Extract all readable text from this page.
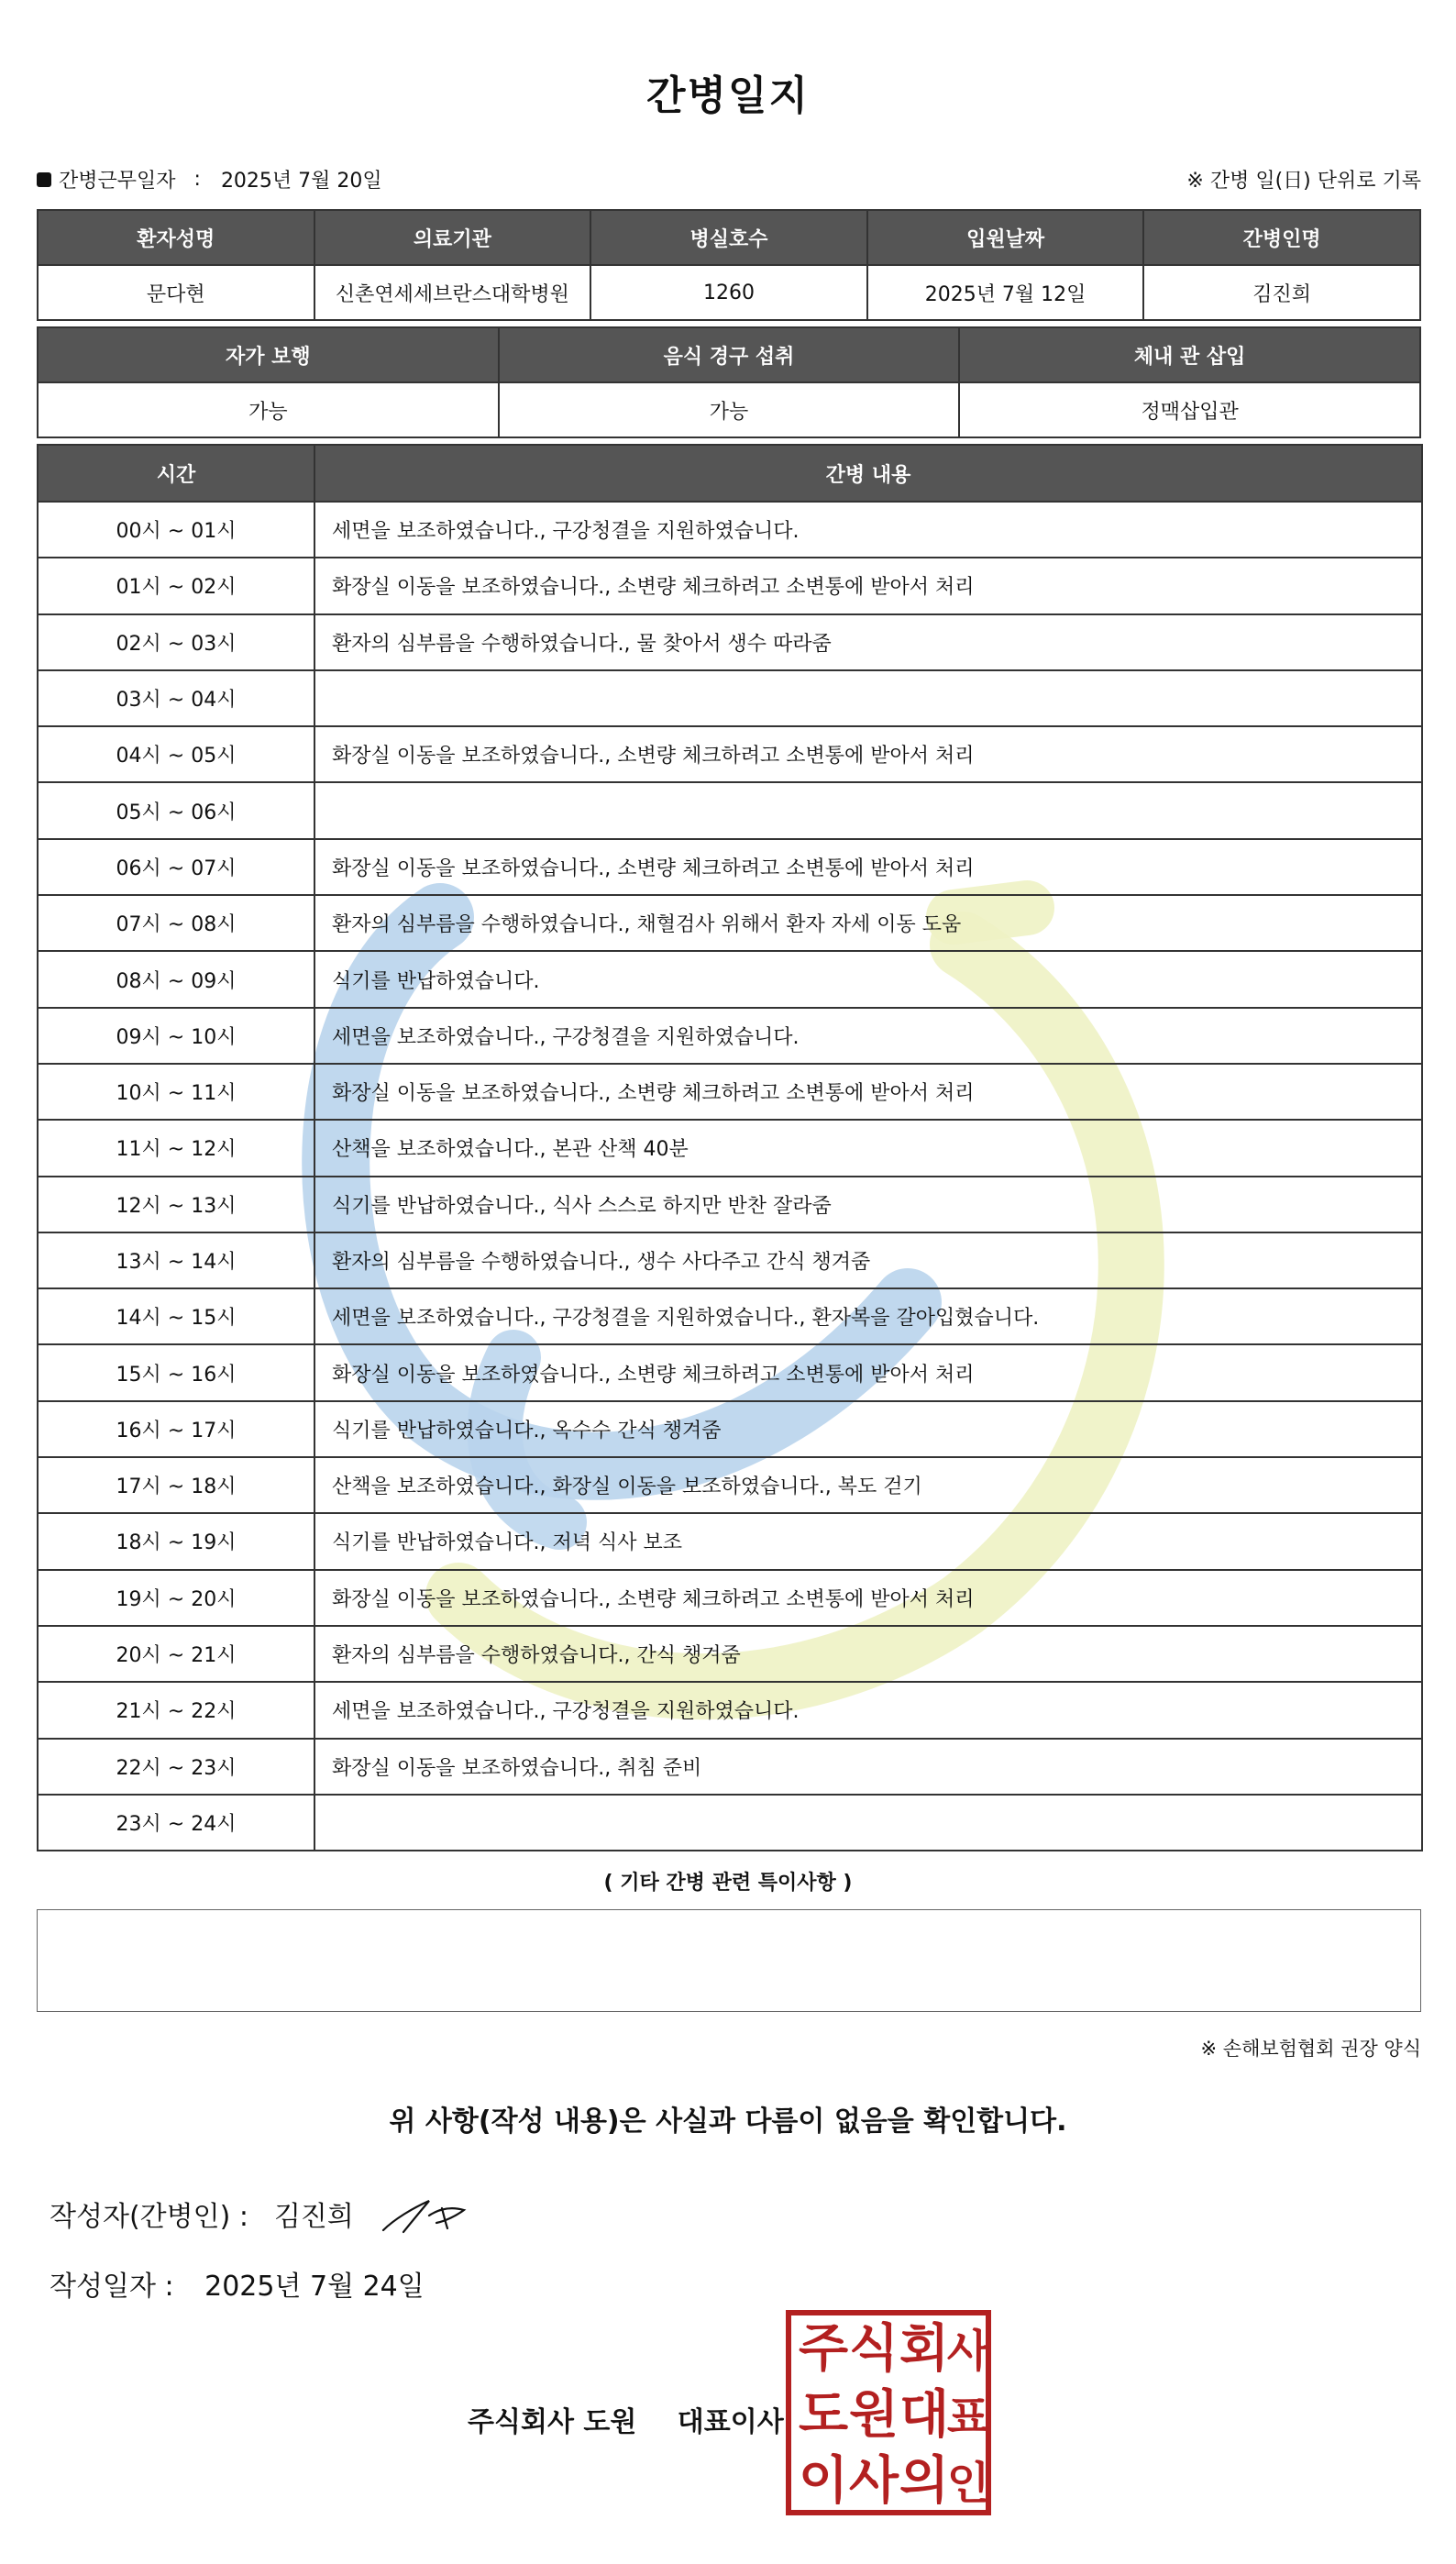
간병일지
간병근무일자 : 2025년 7월 20일	※ 간병 일(日) 단위로 기록
환자성명	의료기관	병실호수	입원날짜	간병인명
문다현	신촌연세세브란스대학병원	1260	2025년 7월 12일	김진희
자가 보행	음식 경구 섭취	체내 관 삽입
가능	가능	정맥삽입관
시간	간병 내용
00시 ~ 01시	세면을 보조하였습니다., 구강청결을 지원하였습니다.
01시 ~ 02시	화장실 이동을 보조하였습니다., 소변량 체크하려고 소변통에 받아서 처리
02시 ~ 03시	환자의 심부름을 수행하였습니다., 물 찾아서 생수 따라줌
03시 ~ 04시	
04시 ~ 05시	화장실 이동을 보조하였습니다., 소변량 체크하려고 소변통에 받아서 처리
05시 ~ 06시	
06시 ~ 07시	화장실 이동을 보조하였습니다., 소변량 체크하려고 소변통에 받아서 처리
07시 ~ 08시	환자의 심부름을 수행하였습니다., 채혈검사 위해서 환자 자세 이동 도움
08시 ~ 09시	식기를 반납하였습니다.
09시 ~ 10시	세면을 보조하였습니다., 구강청결을 지원하였습니다.
10시 ~ 11시	화장실 이동을 보조하였습니다., 소변량 체크하려고 소변통에 받아서 처리
11시 ~ 12시	산책을 보조하였습니다., 본관 산책 40분
12시 ~ 13시	식기를 반납하였습니다., 식사 스스로 하지만 반찬 잘라줌
13시 ~ 14시	환자의 심부름을 수행하였습니다., 생수 사다주고 간식 챙겨줌
14시 ~ 15시	세면을 보조하였습니다., 구강청결을 지원하였습니다., 환자복을 갈아입혔습니다.
15시 ~ 16시	화장실 이동을 보조하였습니다., 소변량 체크하려고 소변통에 받아서 처리
16시 ~ 17시	식기를 반납하였습니다., 옥수수 간식 챙겨줌
17시 ~ 18시	산책을 보조하였습니다., 화장실 이동을 보조하였습니다., 복도 걷기
18시 ~ 19시	식기를 반납하였습니다., 저녁 식사 보조
19시 ~ 20시	화장실 이동을 보조하였습니다., 소변량 체크하려고 소변통에 받아서 처리
20시 ~ 21시	환자의 심부름을 수행하였습니다., 간식 챙겨줌
21시 ~ 22시	세면을 보조하였습니다., 구강청결을 지원하였습니다.
22시 ~ 23시	화장실 이동을 보조하였습니다., 취침 준비
23시 ~ 24시	
( 기타 간병 관련 특이사항 )
※ 손해보험협회 권장 양식
위 사항(작성 내용)은 사실과 다름이 없음을 확인합니다.
작성자(간병인) : 김진희
작성일자 : 2025년 7월 24일
주식회사 도원 대표이사
주 식 회
사
도 원 대
표
이 사 의
인
